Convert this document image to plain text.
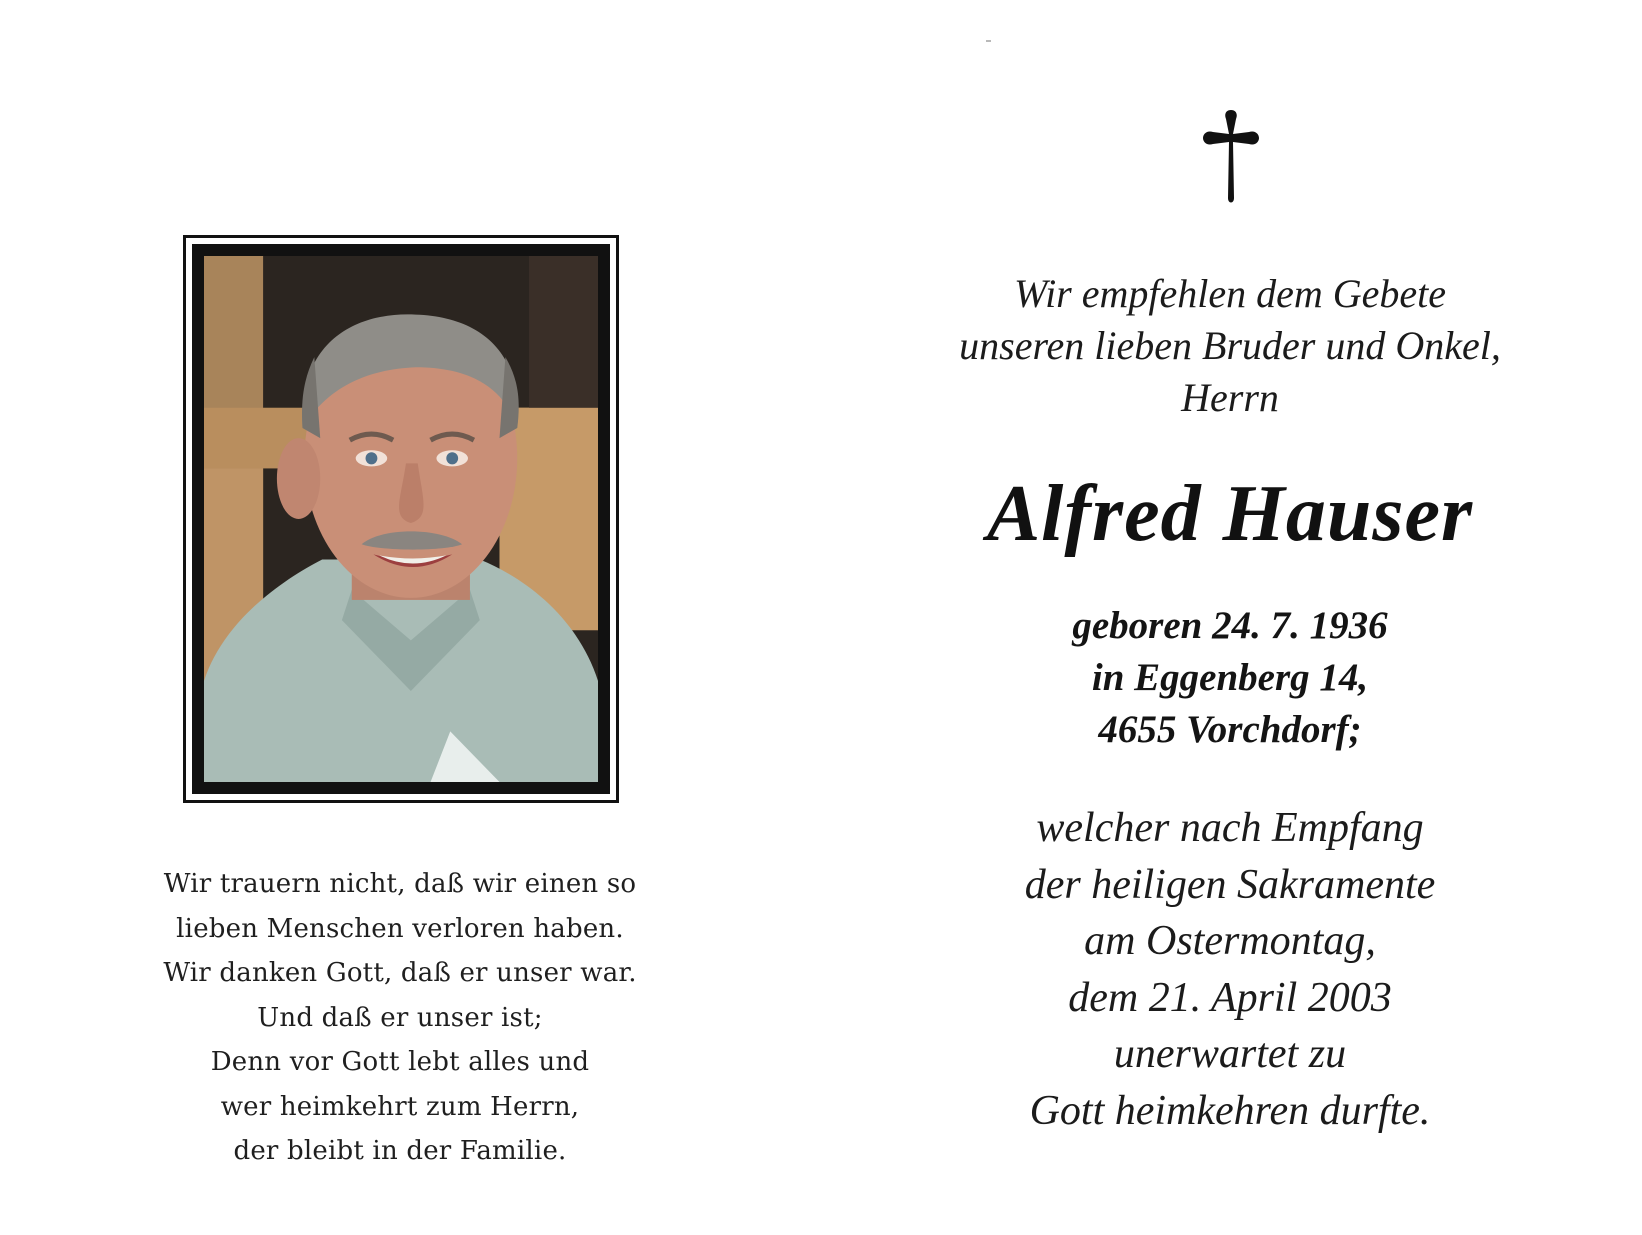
Wir trauern nicht, daß wir einen so
lieben Menschen verloren haben.
Wir danken Gott, daß er unser war.
Und daß er unser ist;
Denn vor Gott lebt alles und
wer heimkehrt zum Herrn,
der bleibt in der Familie.
Wir empfehlen dem Gebete
unseren lieben Bruder und Onkel,
Herrn
Alfred Hauser
geboren 24. 7. 1936
in Eggenberg 14,
4655 Vorchdorf;
welcher nach Empfang
der heiligen Sakramente
am Ostermontag,
dem 21. April 2003
unerwartet zu
Gott heimkehren durfte.
